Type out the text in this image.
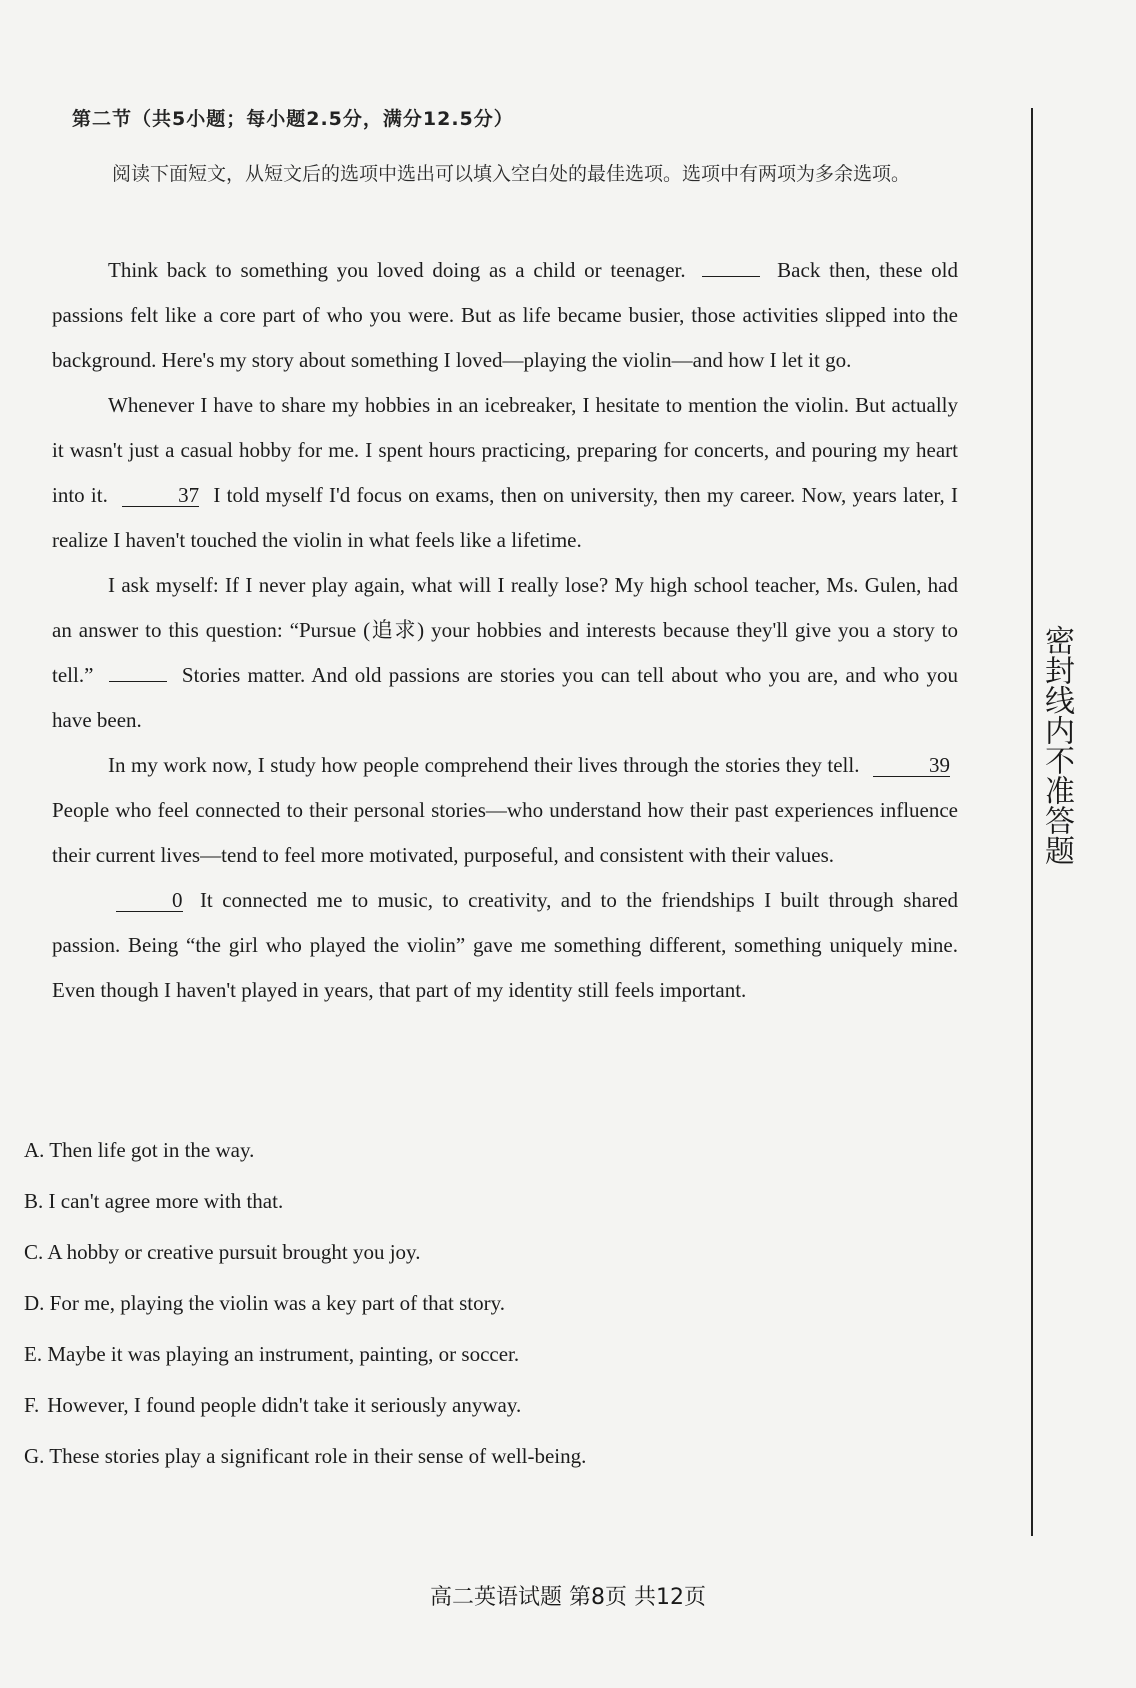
第二节（共5小题；每小题2.5分，满分12.5分）
阅读下面短文，从短文后的选项中选出可以填入空白处的最佳选项。选项中有两项为多余选项。

Think back to something you loved doing as a child or teenager.	Back then, these old passions felt like a core part of who you were. But as life became busier, those activities slipped into the background. Here's my story about something I loved—playing the violin—and how I let it go.

Whenever I have to share my hobbies in an icebreaker, I hesitate to mention the violin. But actually it wasn't just a casual hobby for me. I spent hours practicing, preparing for concerts, and pouring my heart into it.	37 I told myself I'd focus on exams, then on university, then my career. Now, years later, I realize I haven't touched the violin in what feels like a lifetime.

I ask myself: If I never play again, what will I really lose? My high school teacher, Ms. Gulen, had an answer to this question: “Pursue (追求) your hobbies and interests because they'll give you a story to tell.”	Stories matter. And old passions are stories you can tell about who you are, and who you have been.

In my work now, I study how people comprehend their lives through the stories they tell.	39 People who feel connected to their personal stories—who understand how their past experiences influence their current lives—tend to feel more motivated, purposeful, and consistent with their values.

0 It connected me to music, to creativity, and to the friendships I built through shared passion. Being “the girl who played the violin” gave me something different, something uniquely mine. Even though I haven't played in years, that part of my identity still feels important.

A. Then life got in the way.
B. I can't agree more with that.
C. A hobby or creative pursuit brought you joy.
D. For me, playing the violin was a key part of that story.
E. Maybe it was playing an instrument, painting, or soccer.
F. However, I found people didn't take it seriously anyway.
G. These stories play a significant role in their sense of well-being.
密封线内不准答题
高二英语试题 第8页 共12页
